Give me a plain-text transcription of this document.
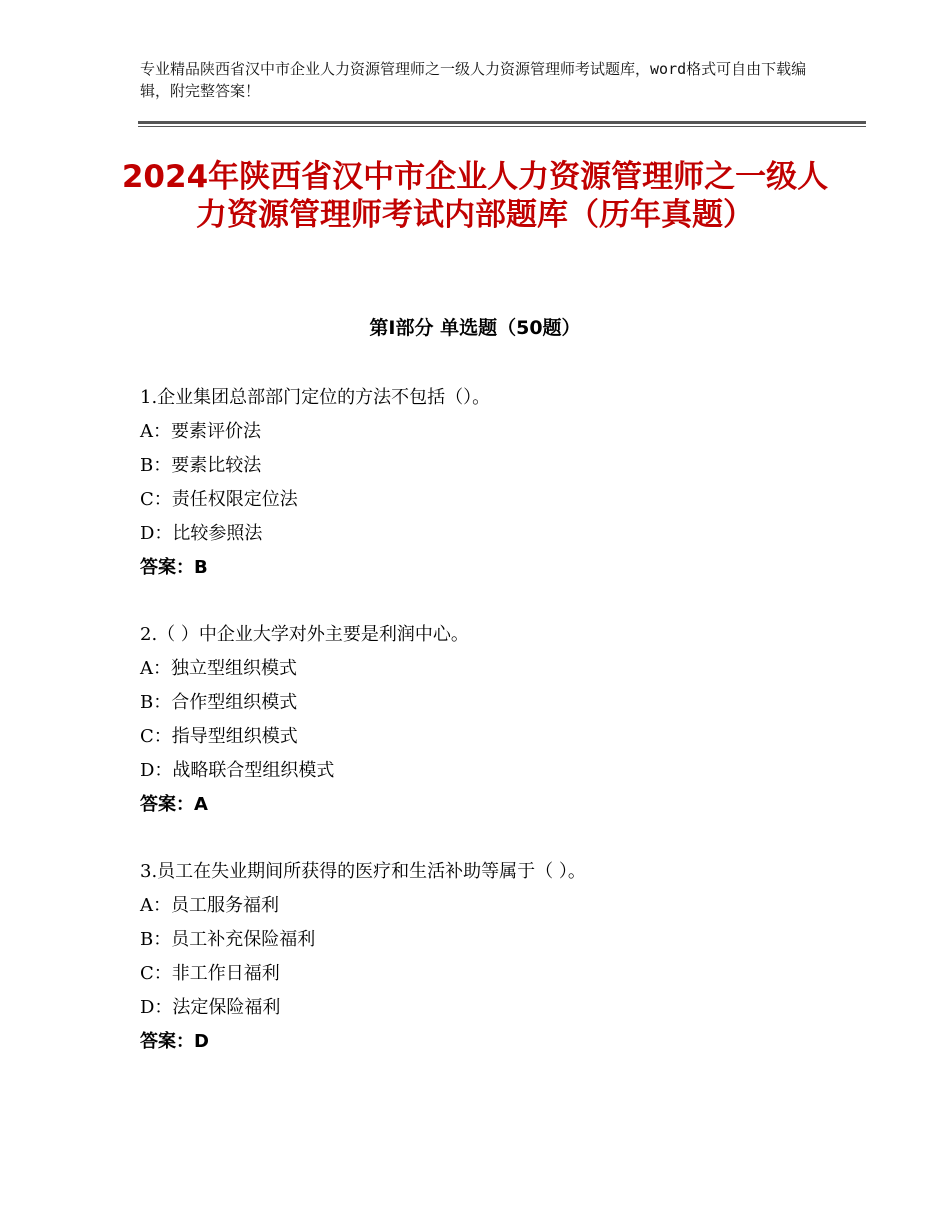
专业精品陕西省汉中市企业人力资源管理师之一级人力资源管理师考试题库，word格式可自由下载编辑，附完整答案！
2024年陕西省汉中市企业人力资源管理师之一级人力资源管理师考试内部题库（历年真题）
第Ⅰ部分 单选题（50题）
1.企业集团总部部门定位的方法不包括（）。
A：要素评价法
B：要素比较法
C：责任权限定位法
D：比较参照法
答案：B
2.（ ）中企业大学对外主要是利润中心。
A：独立型组织模式
B：合作型组织模式
C：指导型组织模式
D：战略联合型组织模式
答案：A
3.员工在失业期间所获得的医疗和生活补助等属于（ ）。
A：员工服务福利
B：员工补充保险福利
C：非工作日福利
D：法定保险福利
答案：D
